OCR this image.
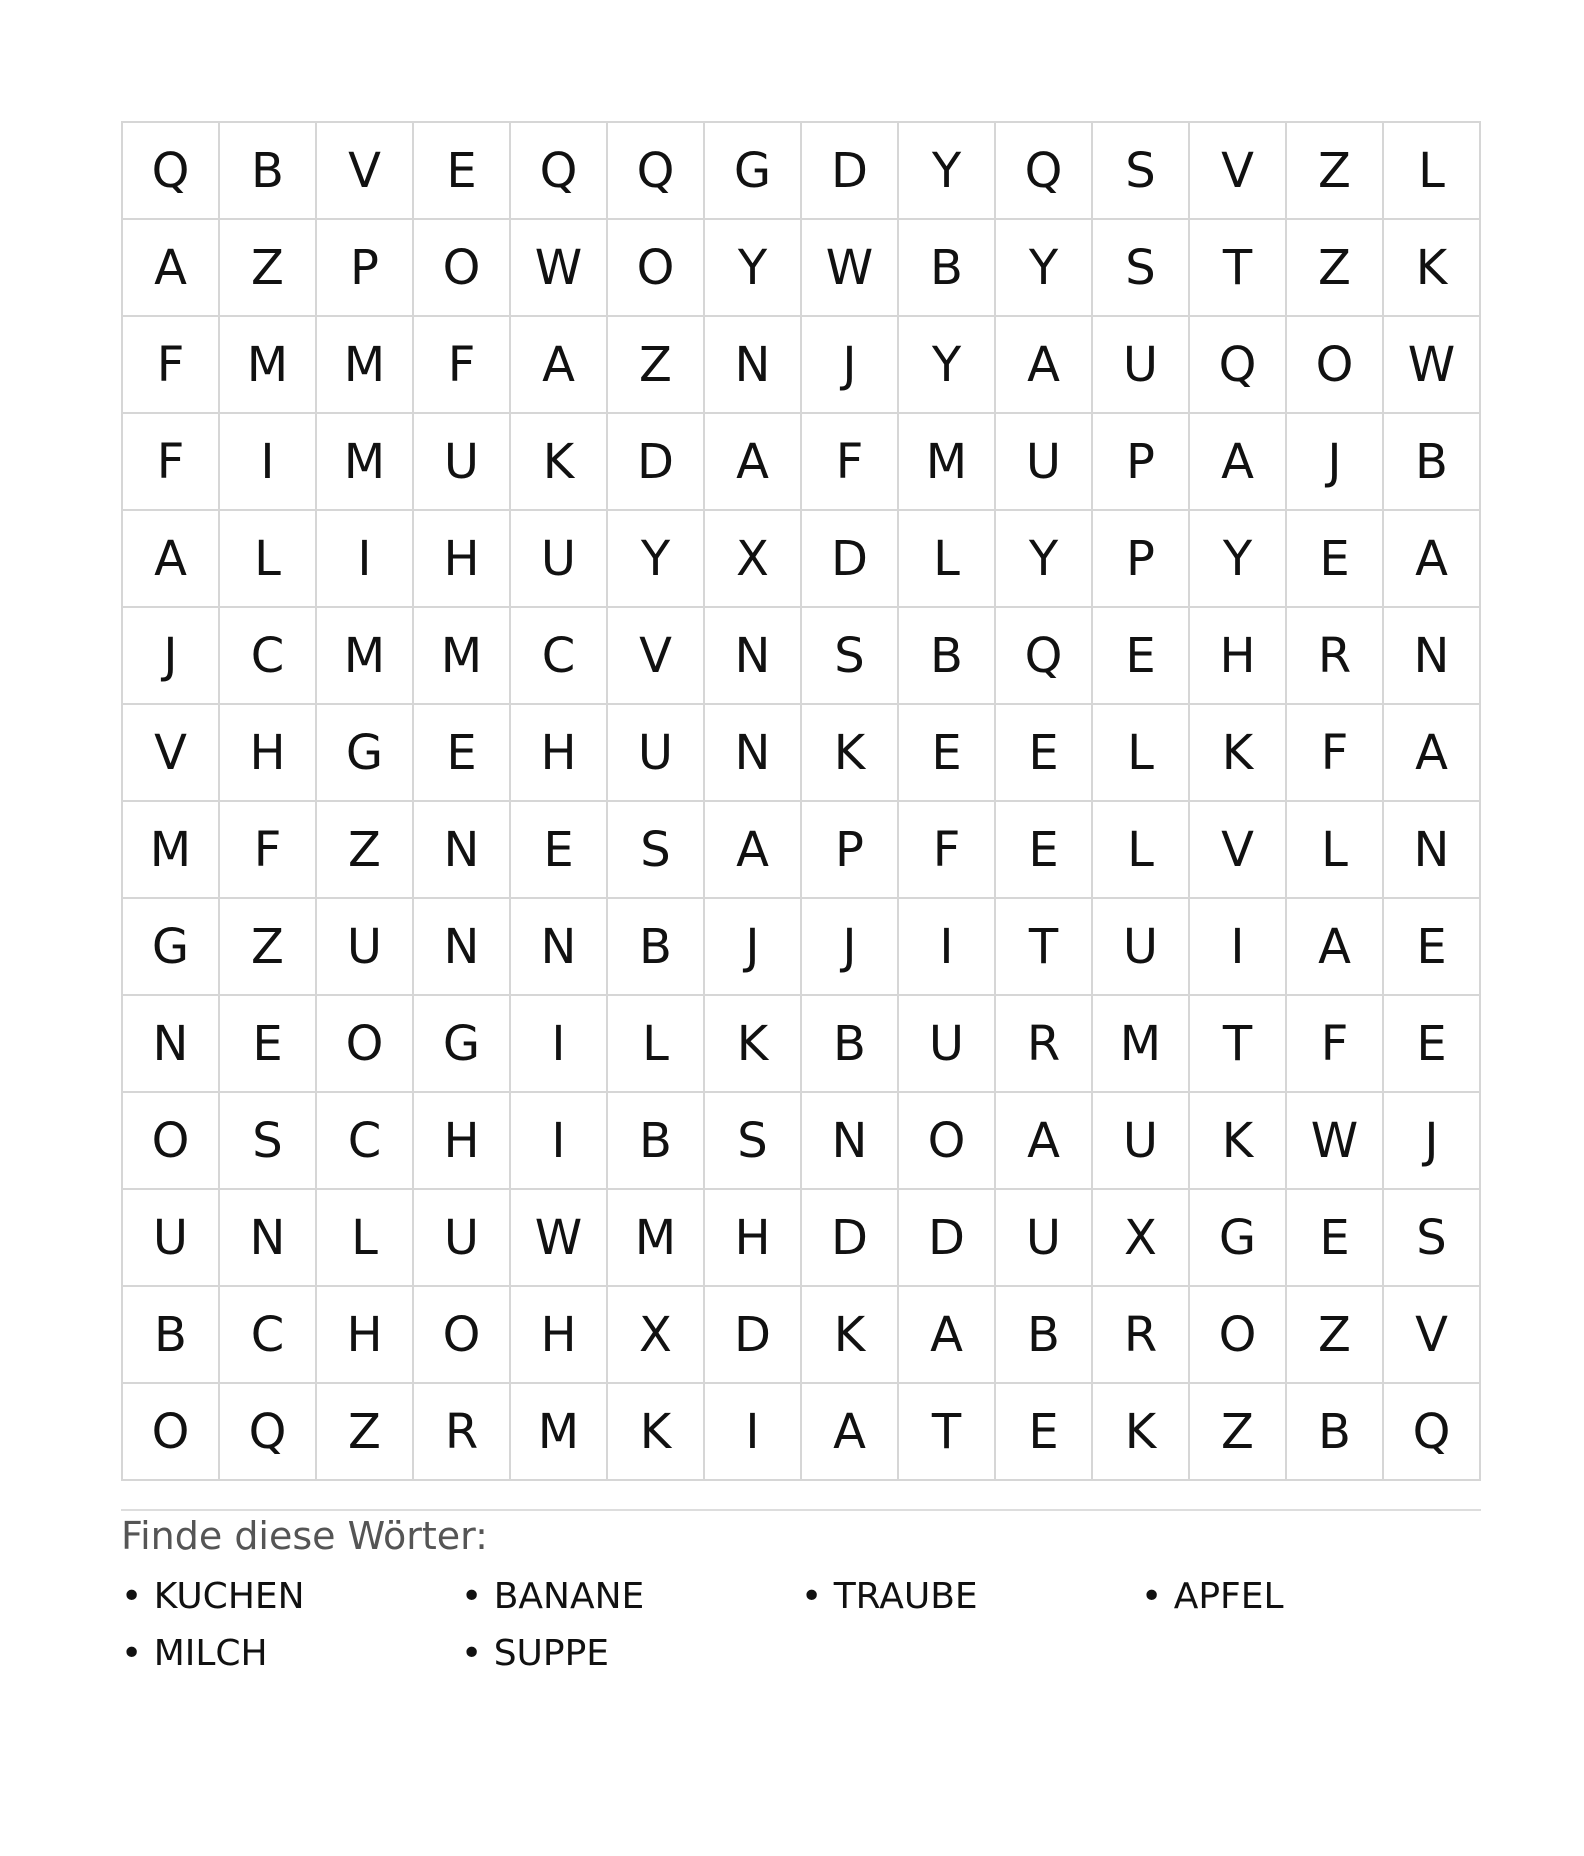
Q	B	V	E	Q	Q	G	D	Y	Q	S	V	Z	L
A	Z	P	O	W	O	Y	W	B	Y	S	T	Z	K
F	M	M	F	A	Z	N	J	Y	A	U	Q	O	W
F	I	M	U	K	D	A	F	M	U	P	A	J	B
A	L	I	H	U	Y	X	D	L	Y	P	Y	E	A
J	C	M	M	C	V	N	S	B	Q	E	H	R	N
V	H	G	E	H	U	N	K	E	E	L	K	F	A
M	F	Z	N	E	S	A	P	F	E	L	V	L	N
G	Z	U	N	N	B	J	J	I	T	U	I	A	E
N	E	O	G	I	L	K	B	U	R	M	T	F	E
O	S	C	H	I	B	S	N	O	A	U	K	W	J
U	N	L	U	W	M	H	D	D	U	X	G	E	S
B	C	H	O	H	X	D	K	A	B	R	O	Z	V
O	Q	Z	R	M	K	I	A	T	E	K	Z	B	Q
Finde diese Wörter:
• KUCHEN	• BANANE	• TRAUBE	• APFEL
• MILCH	• SUPPE
